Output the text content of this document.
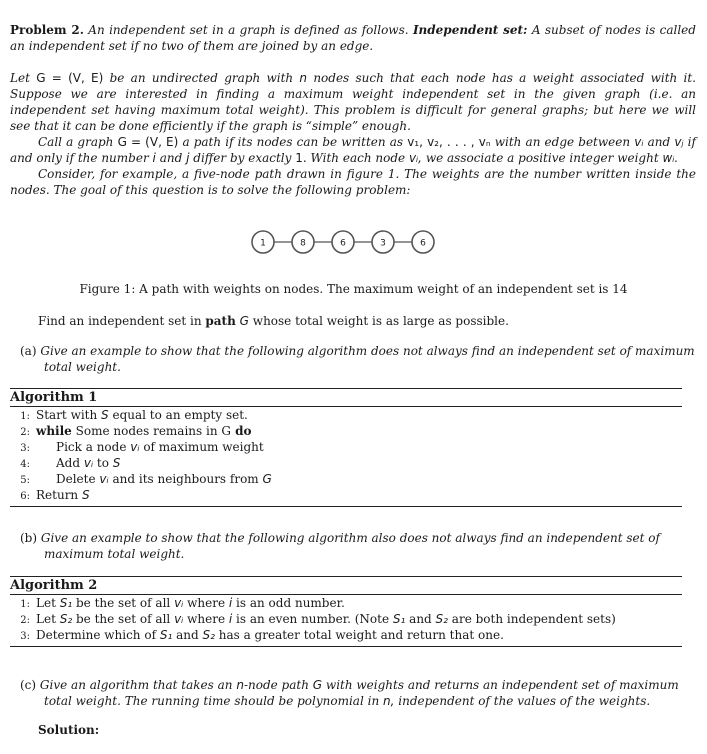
Problem 2. An independent set in a graph is defined as follows. Independent set: A subset of nodes is called an independent set if no two of them are joined by an edge.
Let G = (V, E) be an undirected graph with n nodes such that each node has a weight associated with it. Suppose we are interested in finding a maximum weight independent set in the given graph (i.e. an independent set having maximum total weight). This problem is difficult for general graphs; but here we will see that it can be done efficiently if the graph is “simple” enough.
Call a graph G = (V, E) a path if its nodes can be written as v₁, v₂, . . . , vₙ with an edge between vᵢ and vⱼ if and only if the number i and j differ by exactly 1. With each node vᵢ, we associate a positive integer weight wᵢ.
Consider, for example, a five-node path drawn in figure 1. The weights are the number written inside the nodes. The goal of this question is to solve the following problem:
1	8	6	3	6
Figure 1: A path with weights on nodes. The maximum weight of an independent set is 14
Find an independent set in path G whose total weight is as large as possible.
(a) Give an example to show that the following algorithm does not always find an independent set of maximum total weight.
Algorithm 1
1: Start with S equal to an empty set.
2: while Some nodes remains in G do
3: Pick a node vᵢ of maximum weight
4: Add vᵢ to S
5: Delete vᵢ and its neighbours from G
6: Return S
(b) Give an example to show that the following algorithm also does not always find an independent set of maximum total weight.
Algorithm 2
1: Let S₁ be the set of all vᵢ where i is an odd number.
2: Let S₂ be the set of all vᵢ where i is an even number. (Note S₁ and S₂ are both independent sets)
3: Determine which of S₁ and S₂ has a greater total weight and return that one.
(c) Give an algorithm that takes an n-node path G with weights and returns an independent set of maximum total weight. The running time should be polynomial in n, independent of the values of the weights.
Solution:
